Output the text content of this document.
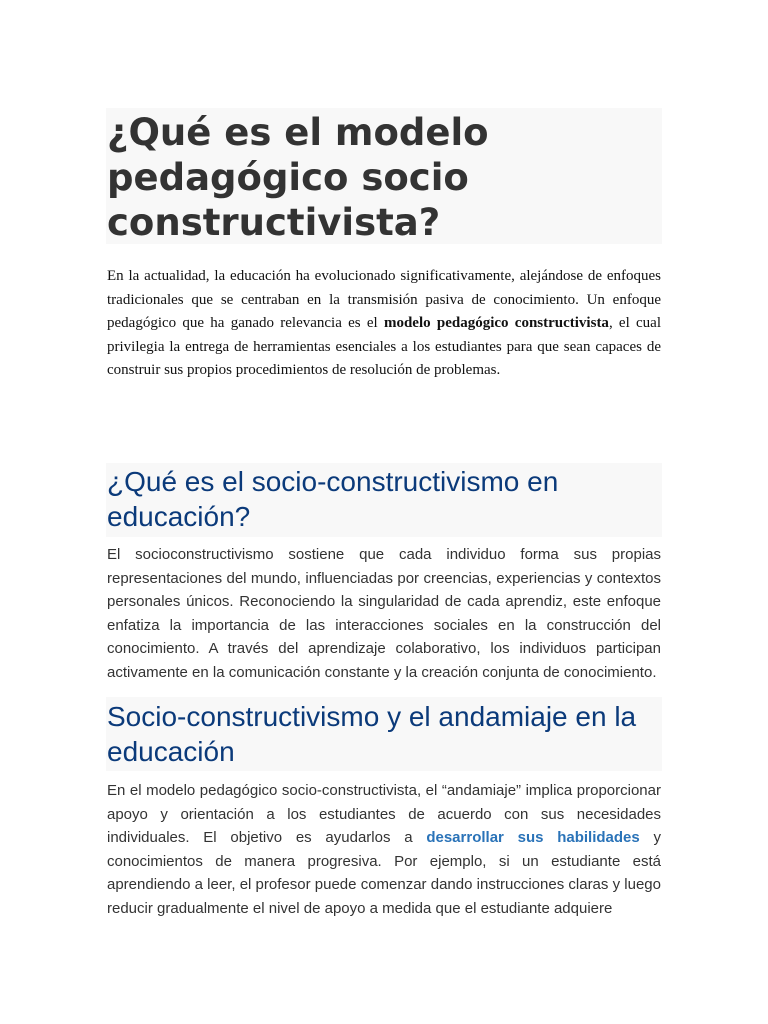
¿Qué es el modelo pedagógico socio constructivista?

En la actualidad, la educación ha evolucionado significativamente, alejándose de enfoques tradicionales que se centraban en la transmisión pasiva de conocimiento. Un enfoque pedagógico que ha ganado relevancia es el modelo pedagógico constructivista, el cual privilegia la entrega de herramientas esenciales a los estudiantes para que sean capaces de construir sus propios procedimientos de resolución de problemas.

¿Qué es el socio-constructivismo en educación?

El socioconstructivismo sostiene que cada individuo forma sus propias representaciones del mundo, influenciadas por creencias, experiencias y contextos personales únicos. Reconociendo la singularidad de cada aprendiz, este enfoque enfatiza la importancia de las interacciones sociales en la construcción del conocimiento. A través del aprendizaje colaborativo, los individuos participan activamente en la comunicación constante y la creación conjunta de conocimiento.

Socio-constructivismo y el andamiaje en la educación

En el modelo pedagógico socio-constructivista, el “andamiaje” implica proporcionar apoyo y orientación a los estudiantes de acuerdo con sus necesidades individuales. El objetivo es ayudarlos a desarrollar sus habilidades y conocimientos de manera progresiva. Por ejemplo, si un estudiante está aprendiendo a leer, el profesor puede comenzar dando instrucciones claras y luego reducir gradualmente el nivel de apoyo a medida que el estudiante adquiere
